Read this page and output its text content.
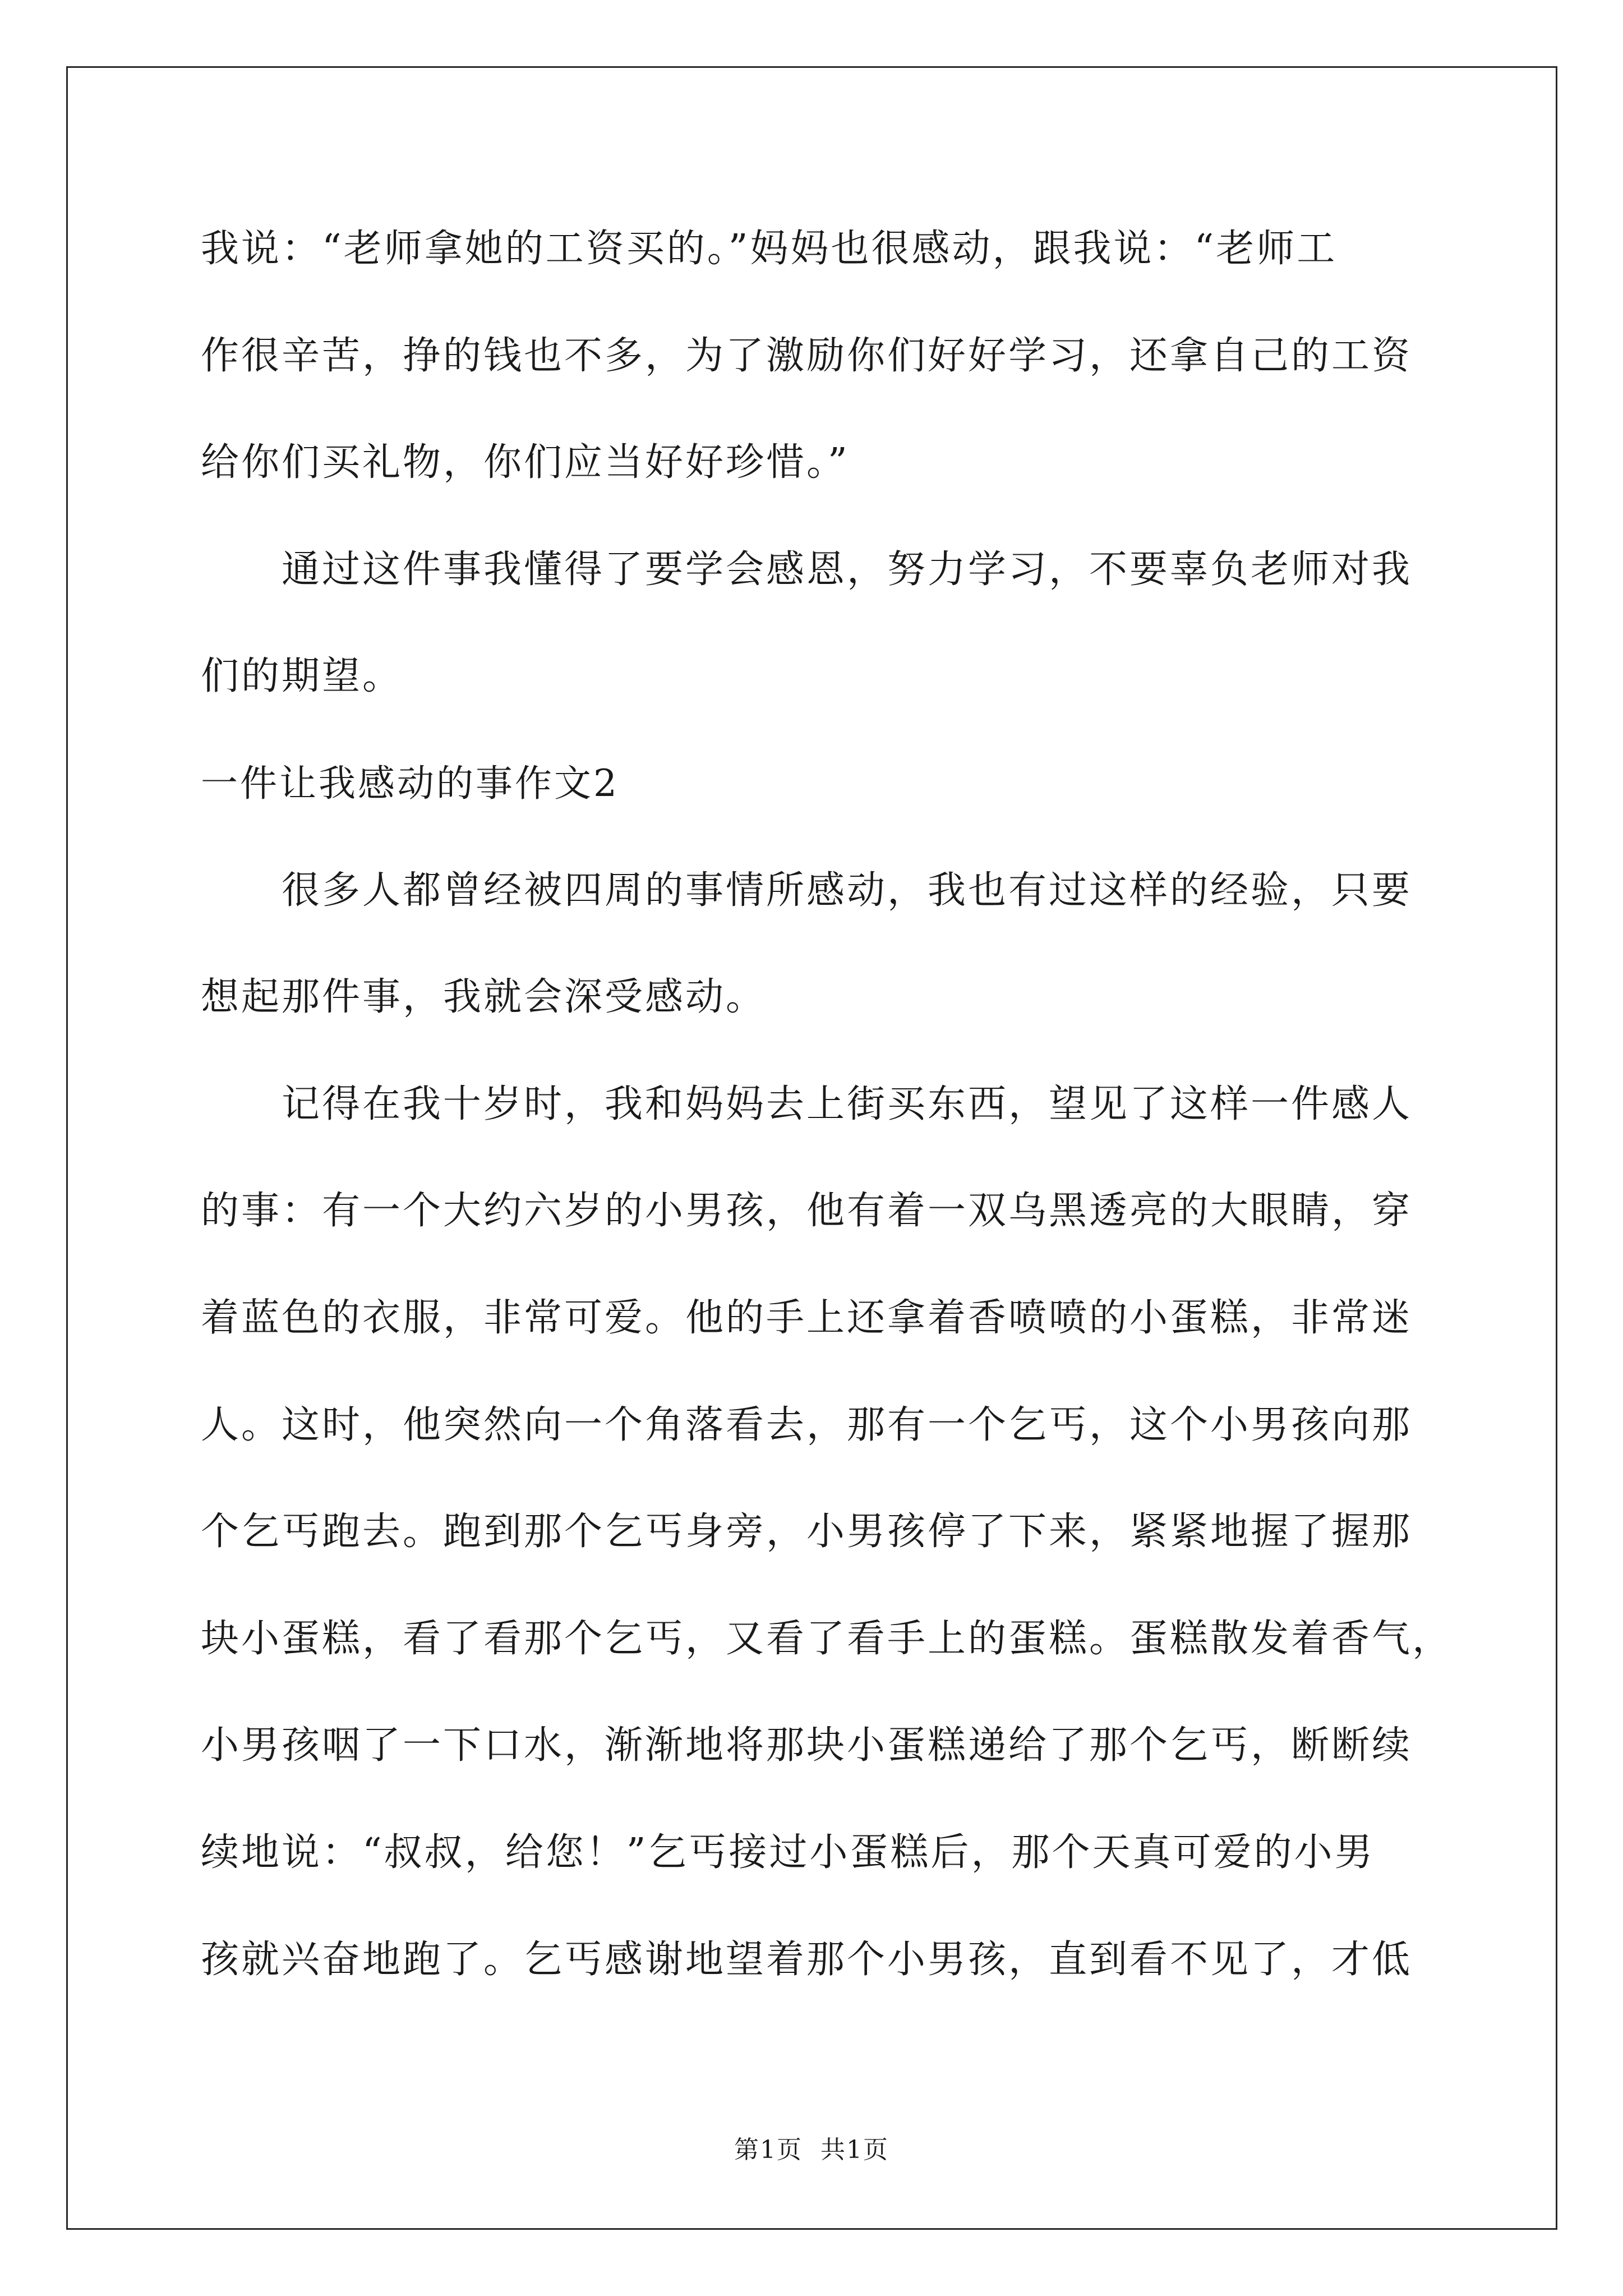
我说：“老师拿她的工资买的。”妈妈也很感动，跟我说：“老师工
作很辛苦，挣的钱也不多，为了激励你们好好学习，还拿自己的工资
给你们买礼物，你们应当好好珍惜。”
通过这件事我懂得了要学会感恩，努力学习，不要辜负老师对我
们的期望。
一件让我感动的事作文2
很多人都曾经被四周的事情所感动，我也有过这样的经验，只要
想起那件事，我就会深受感动。
记得在我十岁时，我和妈妈去上街买东西，望见了这样一件感人
的事：有一个大约六岁的小男孩，他有着一双乌黑透亮的大眼睛，穿
着蓝色的衣服，非常可爱。他的手上还拿着香喷喷的小蛋糕，非常迷
人。这时，他突然向一个角落看去，那有一个乞丐，这个小男孩向那
个乞丐跑去。跑到那个乞丐身旁，小男孩停了下来，紧紧地握了握那
块小蛋糕，看了看那个乞丐，又看了看手上的蛋糕。蛋糕散发着香气，
小男孩咽了一下口水，渐渐地将那块小蛋糕递给了那个乞丐，断断续
续地说：“叔叔，给您！”乞丐接过小蛋糕后，那个天真可爱的小男
孩就兴奋地跑了。乞丐感谢地望着那个小男孩，直到看不见了，才低
第1页  共1页
